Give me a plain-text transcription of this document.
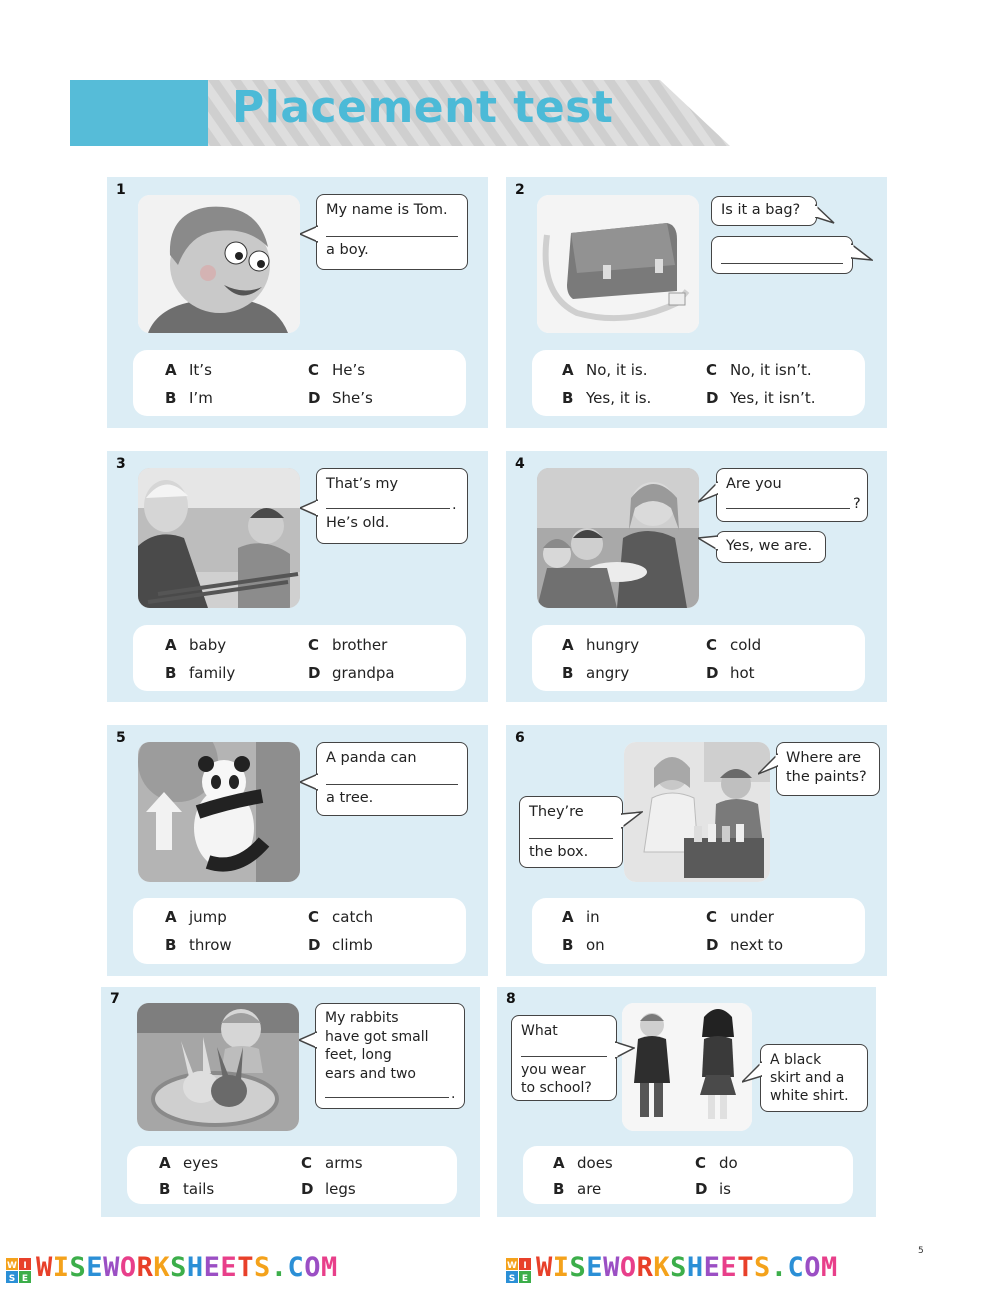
Placement test
1
My name is Tom.
a boy.
A It’s
B I’m
C He’s
D She’s
2
Is it a bag?
A No, it is.
B Yes, it is.
C No, it isn’t.
D Yes, it isn’t.
3
That’s my
.
He’s old.
A baby
B family
C brother
D grandpa
4
Are you
?
Yes, we are.
A hungry
B angry
C cold
D hot
5
A panda can
a tree.
A jump
B throw
C catch
D climb
6
Where are the paints?
They’re
the box.
A in
B on
C under
D next to
7
My rabbits
have got small
feet, long
ears and two
.
A eyes
B tails
C arms
D legs
8
What
you wear
to school?
A black
skirt and a
white shirt.
A does
B are
C do
D is
5
W I
S E WISEWORKSHEETS.COM	W I
S E WISEWORKSHEETS.COM
